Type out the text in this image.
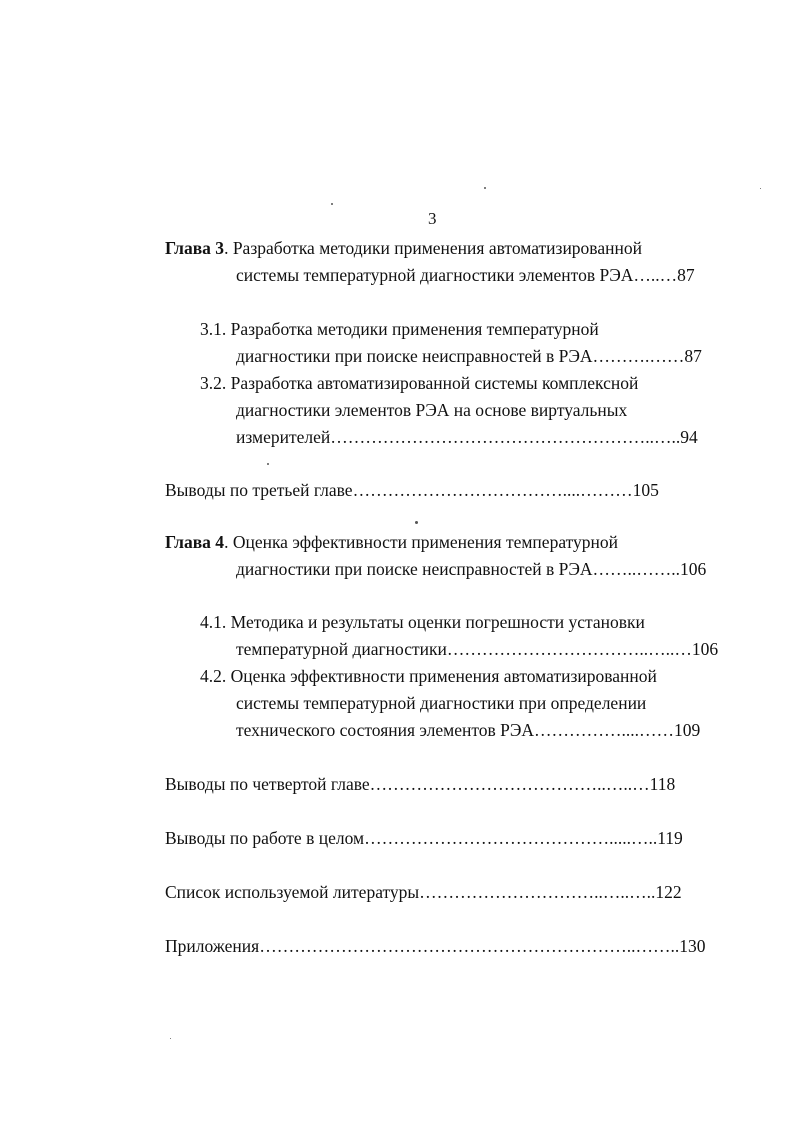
3
Глава 3. Разработка методики применения автоматизированной
системы температурной диагностики элементов РЭА…..…87
3.1. Разработка методики применения температурной
диагностики при поиске неисправностей в РЭА……….……87
3.2. Разработка автоматизированной системы комплексной
диагностики элементов РЭА на основе виртуальных
измерителей………………………………………………..…..94
Выводы по третьей главе………………………………....………105
Глава 4. Оценка эффективности применения температурной
диагностики при поиске неисправностей в РЭА……..……..106
4.1. Методика и результаты оценки погрешности установки
температурной диагностики……………………………..…..…106
4.2. Оценка эффективности применения автоматизированной
системы температурной диагностики при определении
технического состояния элементов РЭА……………....……109
Выводы по четвертой главе…………………………………..…..…118
Выводы по работе в целом…………………………………….....…..119
Список используемой литературы…………………………..…..…..122
Приложения………………………………………………………..……..130
